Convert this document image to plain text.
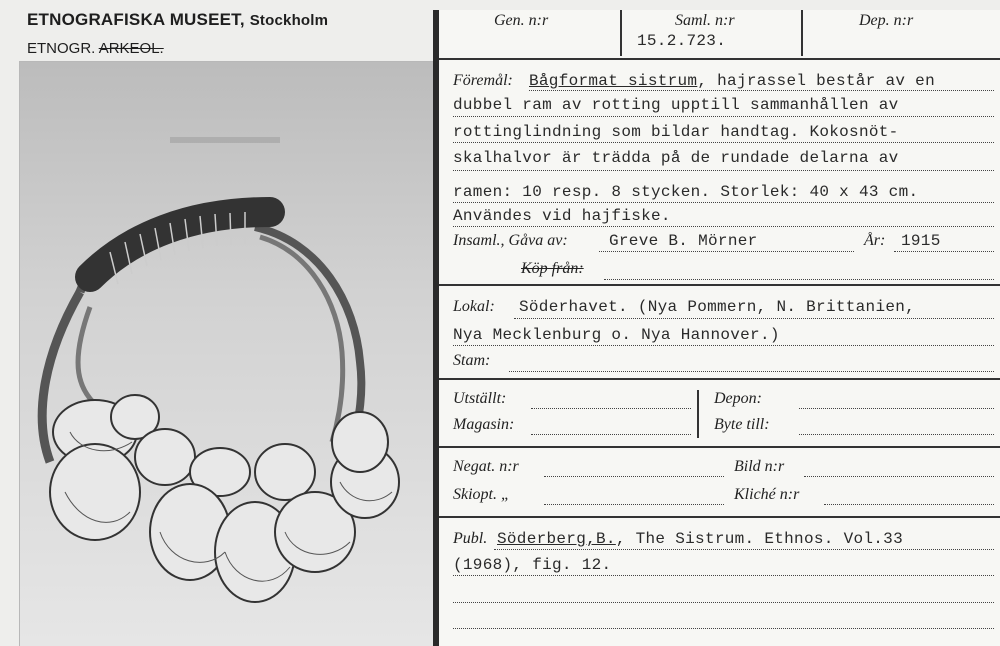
ETNOGRAFISKA MUSEET, Stockholm
ETNOGR. ARKEOL.
Gen. n:r	Saml. n:r	Dep. n:r
15.2.723.
Föremål: Bågformat sistrum, hajrassel består av en
dubbel ram av rotting upptill sammanhållen av
rottinglindning som bildar handtag. Kokosnöt-
skalhalvor är trädda på de rundade delarna av
ramen: 10 resp. 8 stycken. Storlek: 40 x 43 cm.
Användes vid hajfiske.
Insaml., Gåva av:	Greve B. Mörner	År: 1915
Köp från:
Lokal: Söderhavet. (Nya Pommern, N. Brittanien,
Nya Mecklenburg o. Nya Hannover.)
Stam:
Utställt:	Depon:
Magasin:	Byte till:
Negat. n:r	Bild n:r
Skiopt. „	Kliché n:r
Publ. Söderberg,B., The Sistrum. Ethnos. Vol.33
(1968), fig. 12.
